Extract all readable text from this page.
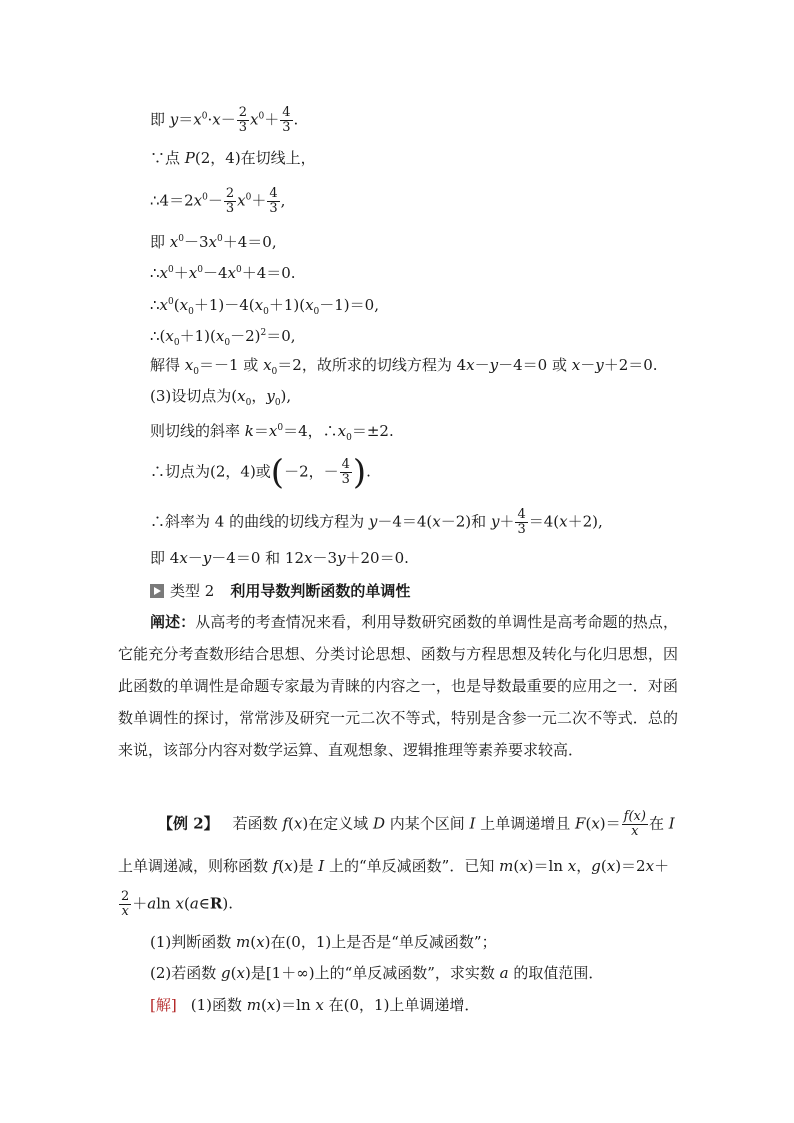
即 $y=x^0\cdot x- \frac{2}{3} x^0+ \frac{4}{3}$ .
∵点 P(2，4)在切线上，
$\therefore 4=2x^0- \frac{2}{3} x^0+ \frac{4}{3}$ ,
即 $x^0-3x^0+4=0$,
$\therefore x^0+x^0-4x^0+4=0$.
$\therefore x^0(x_0+1)-4(x_0+1)(x_0-1)=0$,
$\therefore(x_0+1)(x_0-2)^2=0$,
解得 $x_0=-1$ 或 $x_0=2$，故所求的切线方程为 4x－y－4＝0 或 x－y＋2＝0.
(3)设切点为($x_0$，$y_0$),
则切线的斜率 $k=x^0=4$，$\therefore x_0=\pm 2$.
∴切点为(2，4)或(－2，－ $\frac{4}{3}$ ).
∴斜率为 4 的曲线的切线方程为 y－4＝4(x－2)和 $y+ \frac{4}{3} =4(x+2)$,
即 4x－y－4＝0 和 12x－3y＋20＝0.
类型 2 利用导数判断函数的单调性
阐述：从高考的考查情况来看，利用导数研究函数的单调性是高考命题的热点，它能充分考查数形结合思想、分类讨论思想、函数与方程思想及转化与化归思想，因此函数的单调性是命题专家最为青睐的内容之一，也是导数最重要的应用之一．对函数单调性的探讨，常常涉及研究一元二次不等式，特别是含参一元二次不等式．总的来说，该部分内容对数学运算、直观想象、逻辑推理等素养要求较高．
【例 2】 若函数 f(x)在定义域 D 内某个区间 I 上单调递增且 $F(x)= \frac{f(x)}{x}$ 在 I
上单调递减，则称函数 f(x)是 I 上的“单反减函数”．已知 m(x)＝ln x，g(x)＝2x＋
$\frac{2}{x} +aln$ x(a∈R).
(1)判断函数 m(x)在(0，1)上是否是“单反减函数”；
(2)若函数 g(x)是[1＋∞)上的“单反减函数”，求实数 a 的取值范围．
[解] (1)函数 m(x)＝ln x 在(0，1)上单调递增．
